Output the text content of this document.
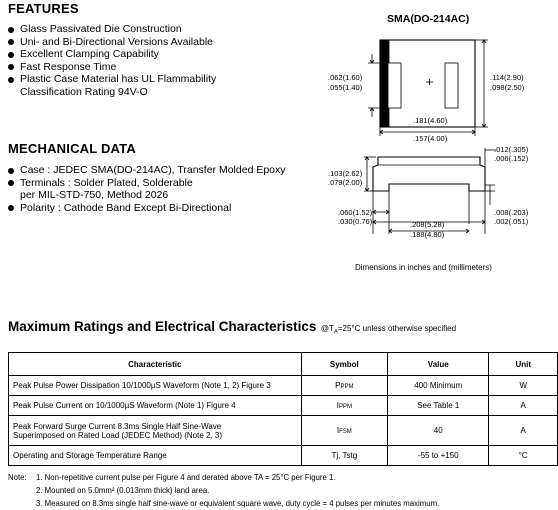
FEATURES
Glass Passivated Die Construction
Uni- and Bi-Directional Versions Available
Excellent Clamping Capability
Fast Response Time
Plastic Case Material has UL Flammability
Classification Rating 94V-O
MECHANICAL DATA
Case : JEDEC SMA(DO-214AC), Transfer Molded Epoxy
Terminals : Solder Plated, Solderable
per MIL-STD-750, Method 2026
Polarity : Cathode Band Except Bi-Directional
SMA(DO-214AC)
.062(1.60)
.055(1.40)
.114(2.90)
.098(2.50)
.181(4.60)
.157(4.00)
.012(.305)
.006(.152)
.103(2.62)
.079(2.00)
.060(1.52)
.030(0.76)
.008(.203)
.002(.051)
.208(5.28)
.188(4.80)
Dimensions in inches and (millimeters)
Maximum Ratings and Electrical Characteristics $@T_A=25^\circ C$ unless otherwise specified
Characteristic	Symbol	Value	Unit
Peak Pulse Power Dissipation 10/1000µS Waveform (Note 1, 2) Figure 3	PPPM	400 Minimum	W
Peak Pulse Current on 10/1000µS Waveform (Note 1) Figure 4	IPPM	See Table 1	A

Peak Forward Surge Current 8.3ms Single Half Sine-Wave
Superimposed on Rated Load (JEDEC Method) (Note 2, 3)	IFSM	40	A
Operating and Storage Temperature Range	Tj, Tstg	-55 to +150	°C
Note:	1. Non-repetitive current pulse per Figure 4 and derated above TA = 25°C per Figure 1.
2. Mounted on 5.0mm² (0.013mm thick) land area.
3. Measured on 8.3ms single half sine-wave or equivalent square wave, duty cycle = 4 pulses per minutes maximum.
